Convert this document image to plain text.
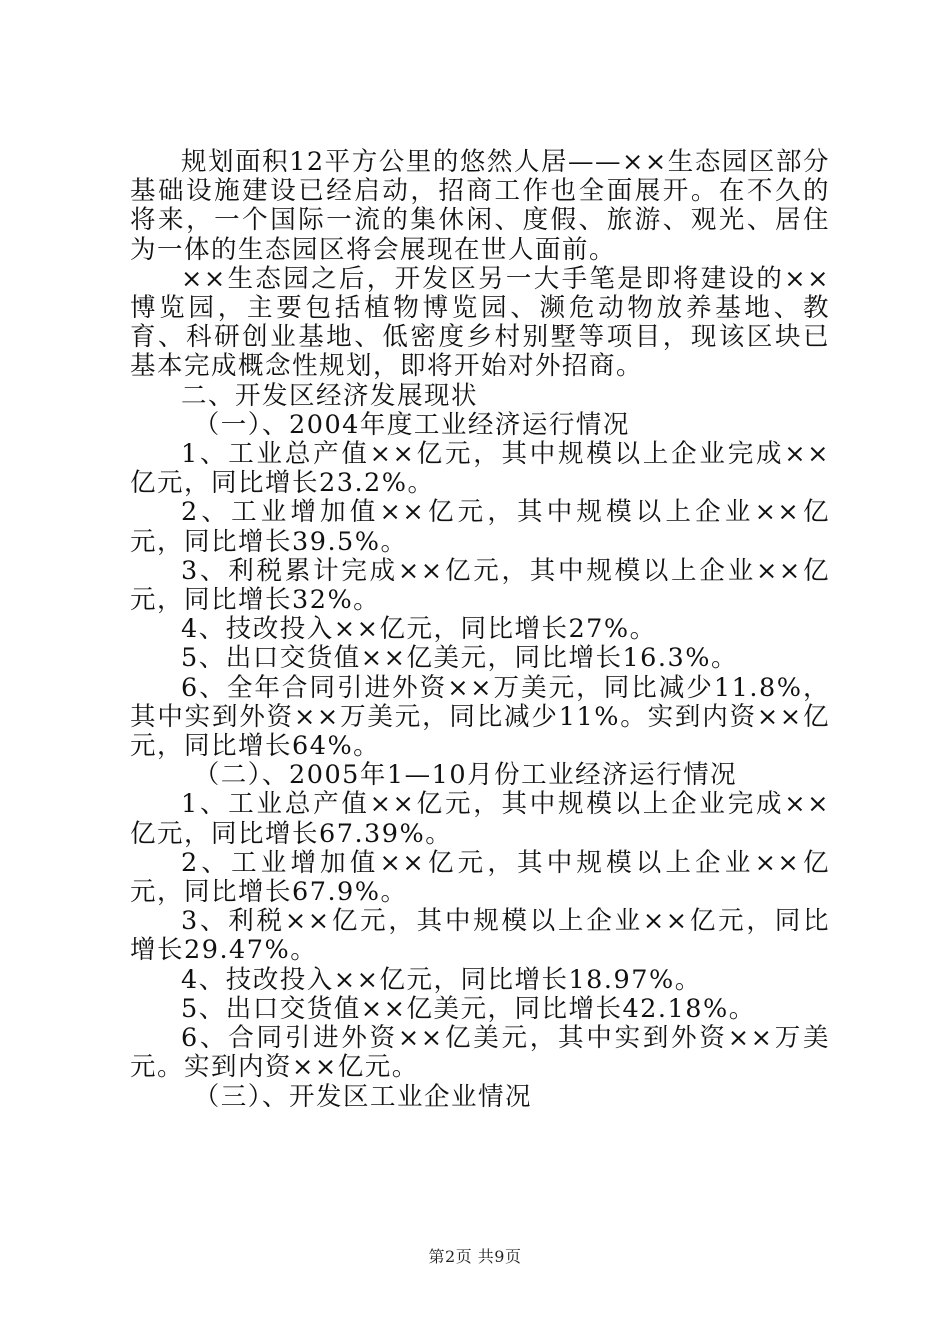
规划面积12平方公里的悠然人居——××生态园区部分基础设施建设已经启动，招商工作也全面展开。在不久的将来，一个国际一流的集休闲、度假、旅游、观光、居住为一体的生态园区将会展现在世人面前。

××生态园之后，开发区另一大手笔是即将建设的××博览园，主要包括植物博览园、濒危动物放养基地、教育、科研创业基地、低密度乡村别墅等项目，现该区块已基本完成概念性规划，即将开始对外招商。

二、开发区经济发展现状

（一）、2004年度工业经济运行情况

1、工业总产值××亿元，其中规模以上企业完成××亿元，同比增长23.2%。

2、工业增加值××亿元，其中规模以上企业××亿元，同比增长39.5%。

3、利税累计完成××亿元，其中规模以上企业××亿元，同比增长32%。

4、技改投入××亿元，同比增长27%。

5、出口交货值××亿美元，同比增长16.3%。

6、全年合同引进外资××万美元，同比减少11.8%，其中实到外资××万美元，同比减少11%。实到内资××亿元，同比增长64%。

（二）、2005年1—10月份工业经济运行情况

1、工业总产值××亿元，其中规模以上企业完成××亿元，同比增长67.39%。

2、工业增加值××亿元，其中规模以上企业××亿元，同比增长67.9%。

3、利税××亿元，其中规模以上企业××亿元，同比增长29.47%。

4、技改投入××亿元，同比增长18.97%。

5、出口交货值××亿美元，同比增长42.18%。

6、合同引进外资××亿美元，其中实到外资××万美元。实到内资××亿元。

（三）、开发区工业企业情况

第2页 共9页
